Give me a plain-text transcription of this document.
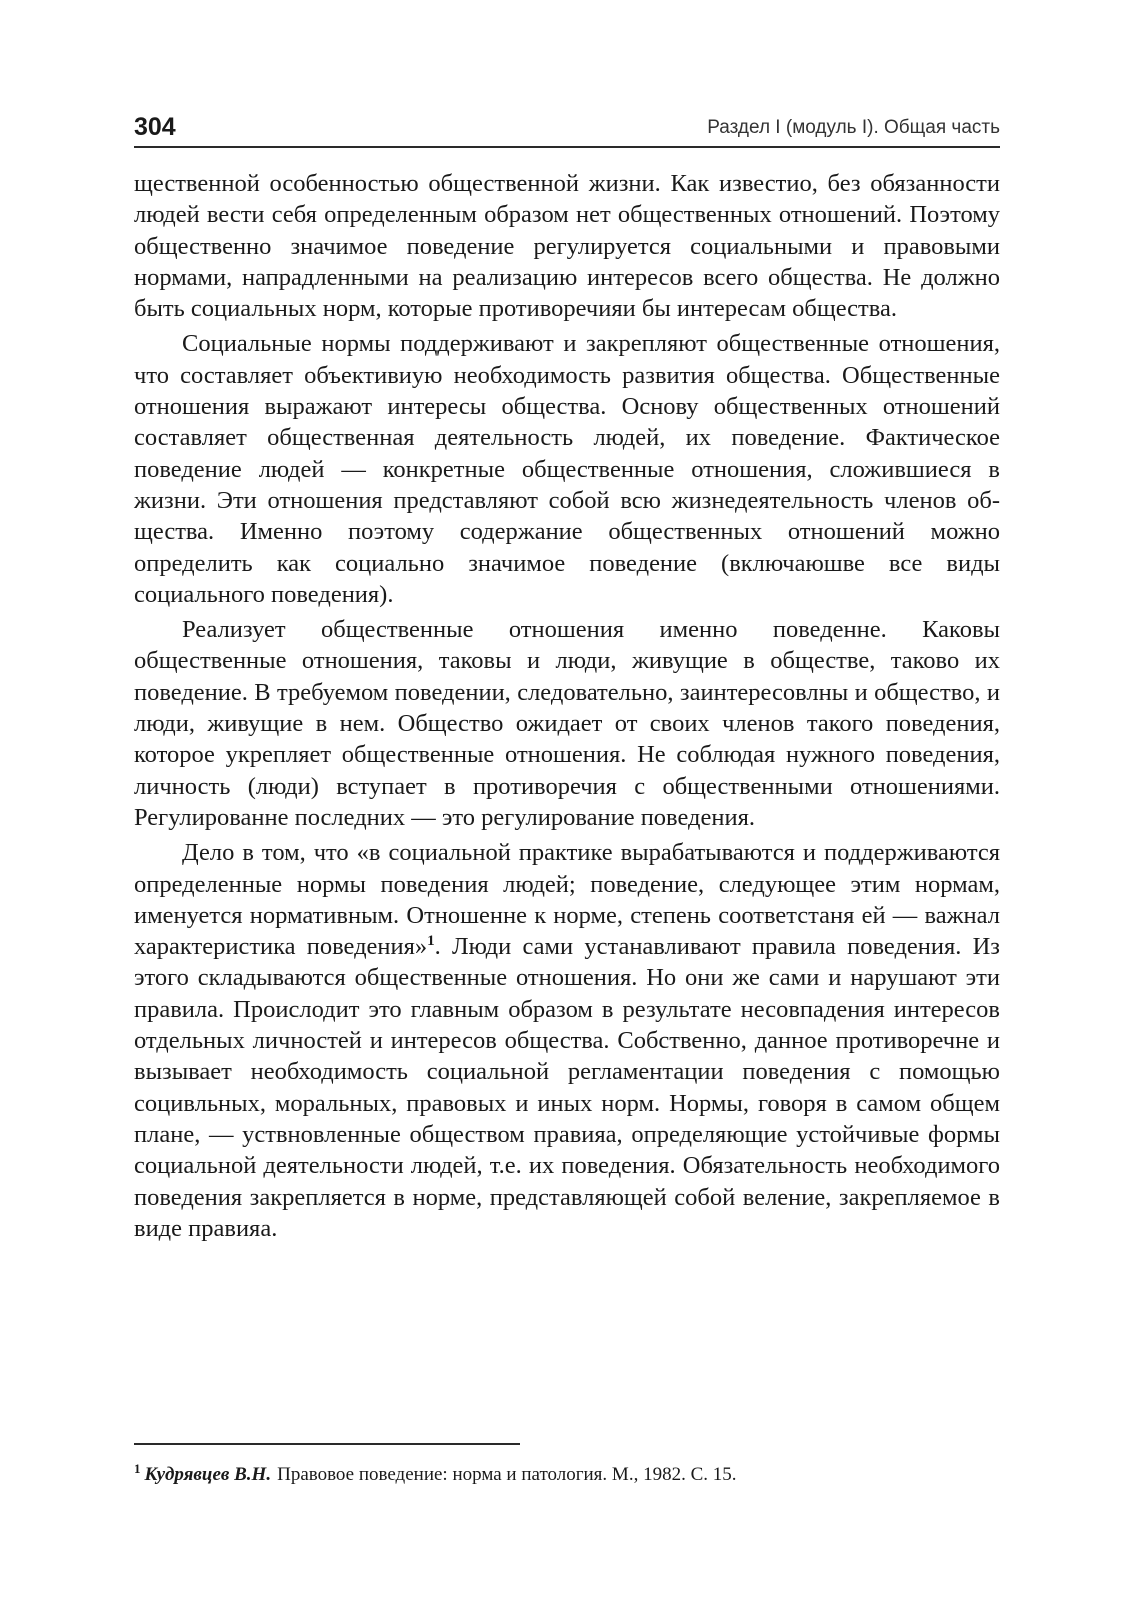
304	Раздел I (модуль I). Общая часть

щественной особенностью общественной жизни. Как известио, без обязанности людей вести себя определенным образом нет общественных отношений. Поэтому общественно значимое поведение регулируется социальными и правовыми нормами, напрадленными на реализацию интересов всего общества. Не должно быть социальных норм, которые противоречияи бы интересам общества.

Социальные нормы поддерживают и закрепляют общественные отношения, что составляет объективиую необходимость развития общества. Общественные отношения выражают интересы общества. Основу общественных отношений составляет общественная деятельность людей, их поведение. Фактическое поведение людей — конкретные общественные отношения, сложившиеся в жизни. Эти отношения представляют собой всю жизнедеятельность членов общества. Именно поэтому содержание общественных отношений можно определить как социально значимое поведение (включаюшве все виды социального поведения).

Реализует общественные отношения именно поведенне. Каковы общественные отношения, таковы и люди, живущие в обществе, таково их поведение. В требуемом поведении, следовательно, заинтересовлны и общество, и люди, живущие в нем. Общество ожидает от своих членов такого поведения, которое укрепляет общественные отношения. Не соблюдая нужного поведения, личность (люди) вступает в противоречия с общественными отношениями. Регулированне последних — это регулирование поведения.

Дело в том, что «в социальной практике вырабатываются и поддерживаются определенные нормы поведения людей; поведение, следующее этим нормам, именуется нормативным. Отношенне к норме, степень соответстаня ей — важнал характеристика поведения»$^1$. Люди сами устанавливают правила поведения. Из этого складываются общественные отношения. Но они же сами и нарушают эти правила. Проислодит это главным образом в результате несовпадения интересов отдельных личностей и интересов общества. Собственно, данное противоречне и вызывает необходимость социальной регламентации поведения с помощью социвльных, моральных, правовых и иных норм. Нормы, говоря в самом общем плане, — уствновленные обществом правияа, определяющие устойчивые формы социальной деятельности людей, т.е. их поведения. Обязательность необходимого поведения закрепляется в норме, представляющей собой веление, закрепляемое в виде правияа.

$^1$ Кудрявцев В.Н. Правовое поведение: норма и патология. М., 1982. С. 15.
